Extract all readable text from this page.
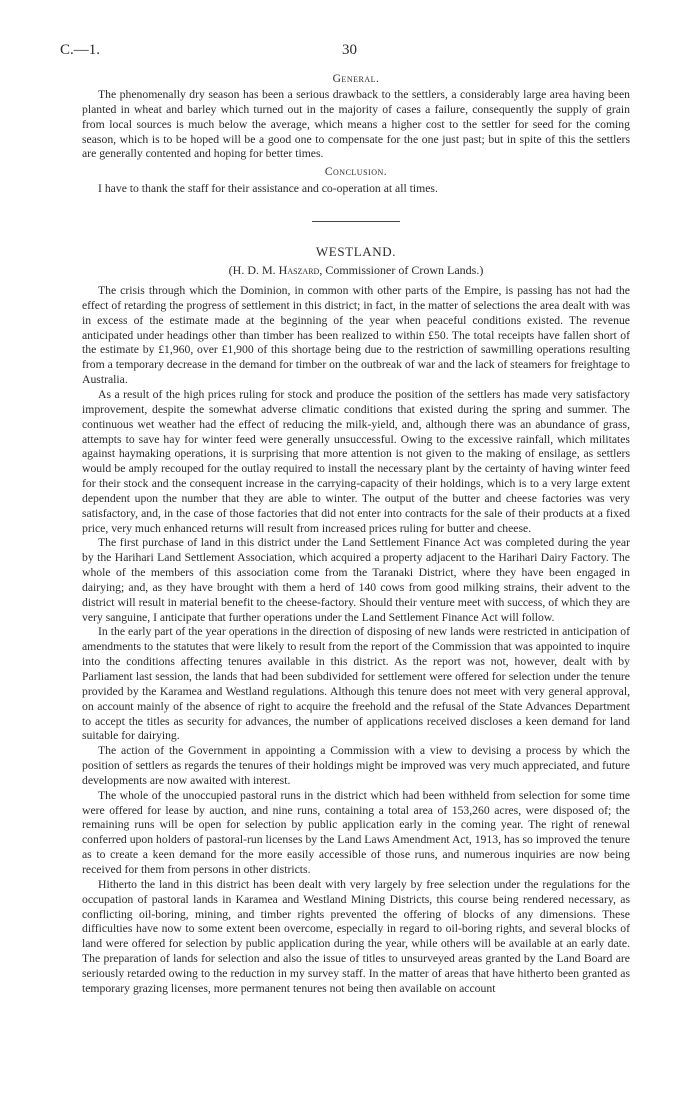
C.—1.	30
General.

The phenomenally dry season has been a serious drawback to the settlers, a considerably large area having been planted in wheat and barley which turned out in the majority of cases a failure, consequently the supply of grain from local sources is much below the average, which means a higher cost to the settler for seed for the coming season, which is to be hoped will be a good one to compensate for the one just past; but in spite of this the settlers are generally contented and hoping for better times.

Conclusion.

I have to thank the staff for their assistance and co-operation at all times.

WESTLAND.
(H. D. M. Haszard, Commissioner of Crown Lands.)

The crisis through which the Dominion, in common with other parts of the Empire, is passing has not had the effect of retarding the progress of settlement in this district; in fact, in the matter of selections the area dealt with was in excess of the estimate made at the beginning of the year when peaceful conditions existed. The revenue anticipated under headings other than timber has been realized to within £50. The total receipts have fallen short of the estimate by £1,960, over £1,900 of this shortage being due to the restriction of sawmilling operations resulting from a temporary decrease in the demand for timber on the outbreak of war and the lack of steamers for freightage to Australia.

As a result of the high prices ruling for stock and produce the position of the settlers has made very satisfactory improvement, despite the somewhat adverse climatic conditions that existed during the spring and summer. The continuous wet weather had the effect of reducing the milk-yield, and, although there was an abundance of grass, attempts to save hay for winter feed were generally unsuccessful. Owing to the excessive rainfall, which militates against haymaking operations, it is surprising that more attention is not given to the making of ensilage, as settlers would be amply recouped for the outlay required to install the necessary plant by the certainty of having winter feed for their stock and the consequent increase in the carrying-capacity of their holdings, which is to a very large extent dependent upon the number that they are able to winter. The output of the butter and cheese factories was very satisfactory, and, in the case of those factories that did not enter into contracts for the sale of their products at a fixed price, very much enhanced returns will result from increased prices ruling for butter and cheese.

The first purchase of land in this district under the Land Settlement Finance Act was completed during the year by the Harihari Land Settlement Association, which acquired a property adjacent to the Harihari Dairy Factory. The whole of the members of this association come from the Taranaki District, where they have been engaged in dairying; and, as they have brought with them a herd of 140 cows from good milking strains, their advent to the district will result in material benefit to the cheese-factory. Should their venture meet with success, of which they are very sanguine, I anticipate that further operations under the Land Settlement Finance Act will follow.

In the early part of the year operations in the direction of disposing of new lands were restricted in anticipation of amendments to the statutes that were likely to result from the report of the Commission that was appointed to inquire into the conditions affecting tenures available in this district. As the report was not, however, dealt with by Parliament last session, the lands that had been subdivided for settlement were offered for selection under the tenure provided by the Karamea and Westland regulations. Although this tenure does not meet with very general approval, on account mainly of the absence of right to acquire the freehold and the refusal of the State Advances Department to accept the titles as security for advances, the number of applications received discloses a keen demand for land suitable for dairying.

The action of the Government in appointing a Commission with a view to devising a process by which the position of settlers as regards the tenures of their holdings might be improved was very much appreciated, and future developments are now awaited with interest.

The whole of the unoccupied pastoral runs in the district which had been withheld from selection for some time were offered for lease by auction, and nine runs, containing a total area of 153,260 acres, were disposed of; the remaining runs will be open for selection by public application early in the coming year. The right of renewal conferred upon holders of pastoral-run licenses by the Land Laws Amendment Act, 1913, has so improved the tenure as to create a keen demand for the more easily accessible of those runs, and numerous inquiries are now being received for them from persons in other districts.

Hitherto the land in this district has been dealt with very largely by free selection under the regulations for the occupation of pastoral lands in Karamea and Westland Mining Districts, this course being rendered necessary, as conflicting oil-boring, mining, and timber rights prevented the offering of blocks of any dimensions. These difficulties have now to some extent been overcome, especially in regard to oil-boring rights, and several blocks of land were offered for selection by public application during the year, while others will be available at an early date. The preparation of lands for selection and also the issue of titles to unsurveyed areas granted by the Land Board are seriously retarded owing to the reduction in my survey staff. In the matter of areas that have hitherto been granted as temporary grazing licenses, more permanent tenures not being then available on account
